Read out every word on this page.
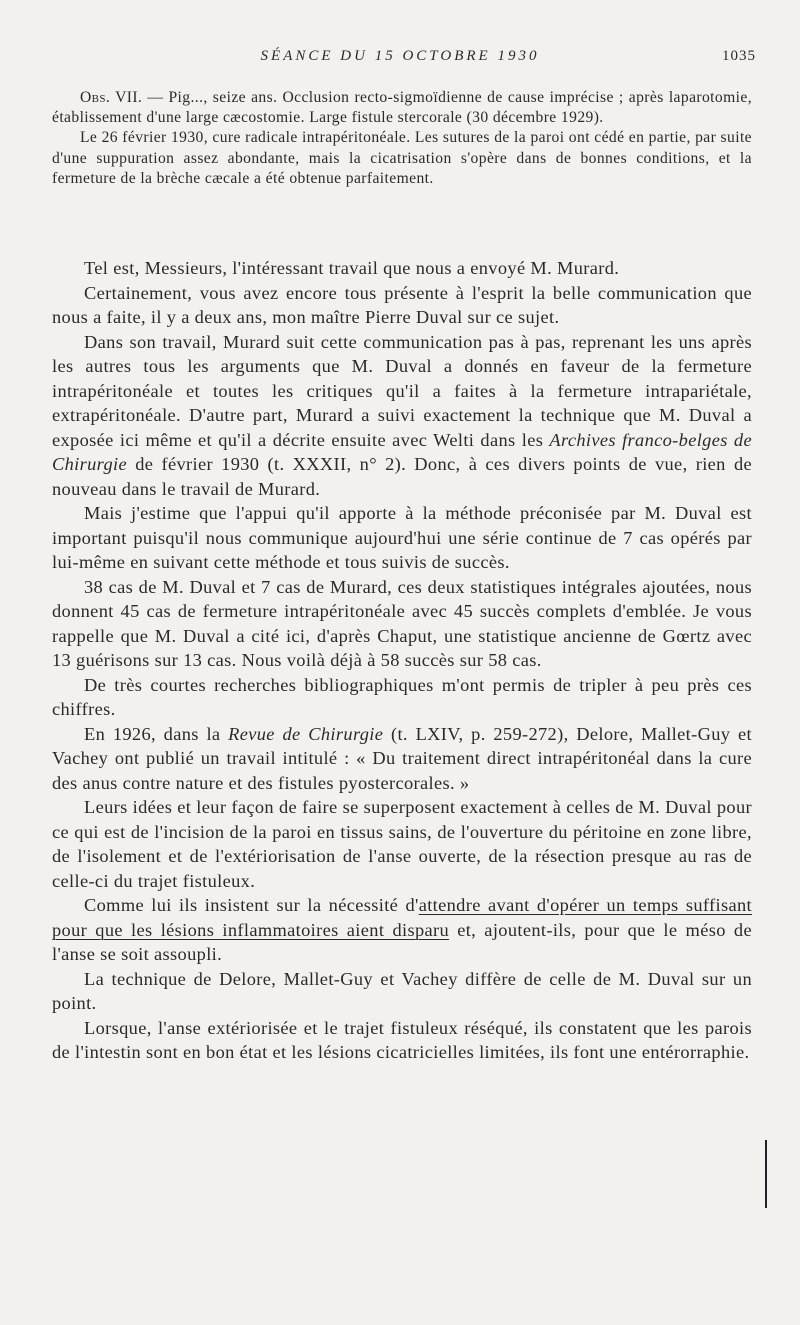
SÉANCE DU 15 OCTOBRE 1930	1035

Obs. VII. — Pig..., seize ans. Occlusion recto-sigmoïdienne de cause imprécise ; après laparotomie, établissement d'une large cæcostomie. Large fistule stercorale (30 décembre 1929).

Le 26 février 1930, cure radicale intrapéritonéale. Les sutures de la paroi ont cédé en partie, par suite d'une suppuration assez abondante, mais la cicatrisation s'opère dans de bonnes conditions, et la fermeture de la brèche cæcale a été obtenue parfaitement.

Tel est, Messieurs, l'intéressant travail que nous a envoyé M. Murard.

Certainement, vous avez encore tous présente à l'esprit la belle communication que nous a faite, il y a deux ans, mon maître Pierre Duval sur ce sujet.

Dans son travail, Murard suit cette communication pas à pas, reprenant les uns après les autres tous les arguments que M. Duval a donnés en faveur de la fermeture intrapéritonéale et toutes les critiques qu'il a faites à la fermeture intrapariétale, extrapéritonéale. D'autre part, Murard a suivi exactement la technique que M. Duval a exposée ici même et qu'il a décrite ensuite avec Welti dans les Archives franco-belges de Chirurgie de février 1930 (t. XXXII, n° 2). Donc, à ces divers points de vue, rien de nouveau dans le travail de Murard.

Mais j'estime que l'appui qu'il apporte à la méthode préconisée par M. Duval est important puisqu'il nous communique aujourd'hui une série continue de 7 cas opérés par lui-même en suivant cette méthode et tous suivis de succès.

38 cas de M. Duval et 7 cas de Murard, ces deux statistiques intégrales ajoutées, nous donnent 45 cas de fermeture intrapéritonéale avec 45 succès complets d'emblée. Je vous rappelle que M. Duval a cité ici, d'après Chaput, une statistique ancienne de Gœrtz avec 13 guérisons sur 13 cas. Nous voilà déjà à 58 succès sur 58 cas.

De très courtes recherches bibliographiques m'ont permis de tripler à peu près ces chiffres.

En 1926, dans la Revue de Chirurgie (t. LXIV, p. 259-272), Delore, Mallet-Guy et Vachey ont publié un travail intitulé : « Du traitement direct intrapéritonéal dans la cure des anus contre nature et des fistules pyostercorales. »

Leurs idées et leur façon de faire se superposent exactement à celles de M. Duval pour ce qui est de l'incision de la paroi en tissus sains, de l'ouverture du péritoine en zone libre, de l'isolement et de l'extériorisation de l'anse ouverte, de la résection presque au ras de celle-ci du trajet fistuleux.

Comme lui ils insistent sur la nécessité d'attendre avant d'opérer un temps suffisant pour que les lésions inflammatoires aient disparu et, ajoutent-ils, pour que le méso de l'anse se soit assoupli.

La technique de Delore, Mallet-Guy et Vachey diffère de celle de M. Duval sur un point.

Lorsque, l'anse extériorisée et le trajet fistuleux réséqué, ils constatent que les parois de l'intestin sont en bon état et les lésions cicatricielles limitées, ils font une entérorraphie.
